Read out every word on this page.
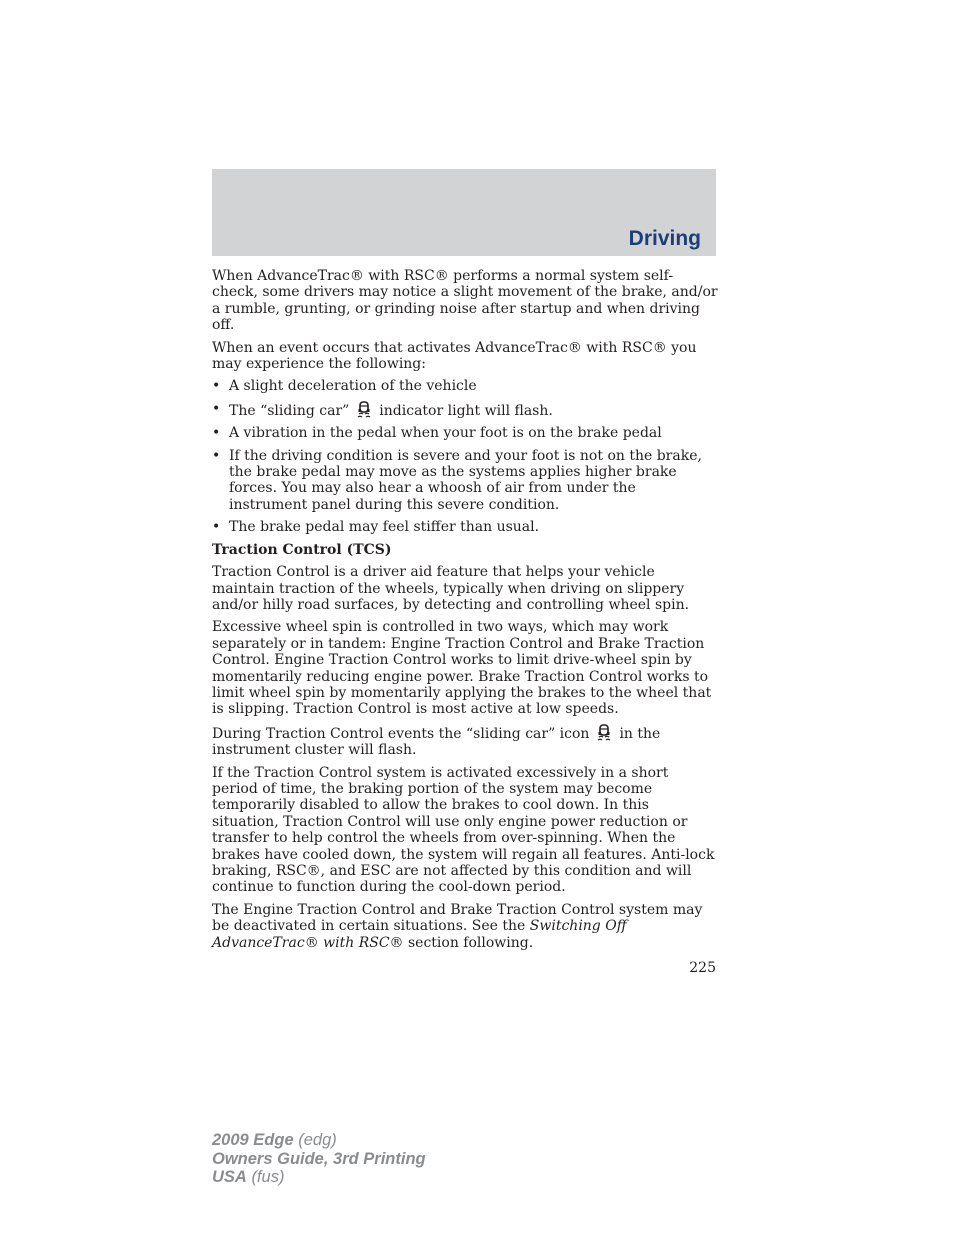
Driving

When AdvanceTrac® with RSC® performs a normal system self-check, some drivers may notice a slight movement of the brake, and/or a rumble, grunting, or grinding noise after startup and when driving off.

When an event occurs that activates AdvanceTrac® with RSC® you may experience the following:

• A slight deceleration of the vehicle
• The “sliding car” indicator light will flash.
• A vibration in the pedal when your foot is on the brake pedal
• If the driving condition is severe and your foot is not on the brake, the brake pedal may move as the systems applies higher brake forces. You may also hear a whoosh of air from under the instrument panel during this severe condition.
• The brake pedal may feel stiffer than usual.
Traction Control (TCS)

Traction Control is a driver aid feature that helps your vehicle maintain traction of the wheels, typically when driving on slippery and/or hilly road surfaces, by detecting and controlling wheel spin.

Excessive wheel spin is controlled in two ways, which may work separately or in tandem: Engine Traction Control and Brake Traction Control. Engine Traction Control works to limit drive-wheel spin by momentarily reducing engine power. Brake Traction Control works to limit wheel spin by momentarily applying the brakes to the wheel that is slipping. Traction Control is most active at low speeds.

During Traction Control events the “sliding car” icon in the instrument cluster will flash.

If the Traction Control system is activated excessively in a short period of time, the braking portion of the system may become temporarily disabled to allow the brakes to cool down. In this situation, Traction Control will use only engine power reduction or transfer to help control the wheels from over-spinning. When the brakes have cooled down, the system will regain all features. Anti-lock braking, RSC®, and ESC are not affected by this condition and will continue to function during the cool-down period.

The Engine Traction Control and Brake Traction Control system may be deactivated in certain situations. See the Switching Off AdvanceTrac® with RSC® section following.

225
2009 Edge (edg)
Owners Guide, 3rd Printing
USA (fus)
